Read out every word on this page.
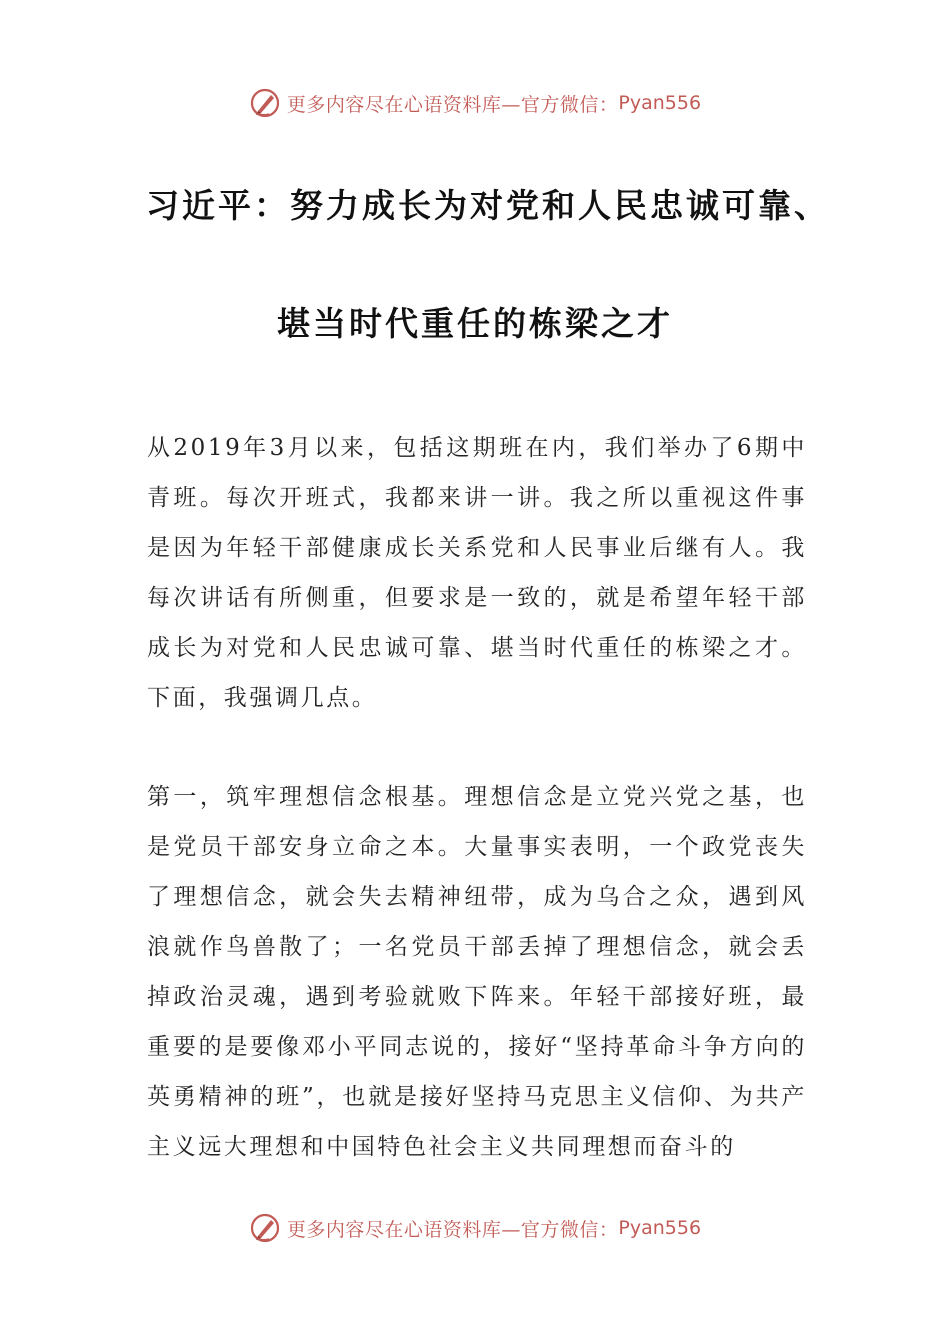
更多内容尽在心语资料库—官方微信： Pyan556
习近平：努力成长为对党和人民忠诚可靠、
堪当时代重任的栋梁之才
从2019年3月以来，包括这期班在内，我们举办了6期中青班。每次开班式，我都来讲一讲。我之所以重视这件事是因为年轻干部健康成长关系党和人民事业后继有人。我每次讲话有所侧重，但要求是一致的，就是希望年轻干部成长为对党和人民忠诚可靠、堪当时代重任的栋梁之才。下面，我强调几点。
第一，筑牢理想信念根基。理想信念是立党兴党之基，也是党员干部安身立命之本。大量事实表明，一个政党丧失了理想信念，就会失去精神纽带，成为乌合之众，遇到风浪就作鸟兽散了；一名党员干部丢掉了理想信念，就会丢掉政治灵魂，遇到考验就败下阵来。年轻干部接好班，最重要的是要像邓小平同志说的，接好“坚持革命斗争方向的英勇精神的班”，也就是接好坚持马克思主义信仰、为共产主义远大理想和中国特色社会主义共同理想而奋斗的
更多内容尽在心语资料库—官方微信： Pyan556
